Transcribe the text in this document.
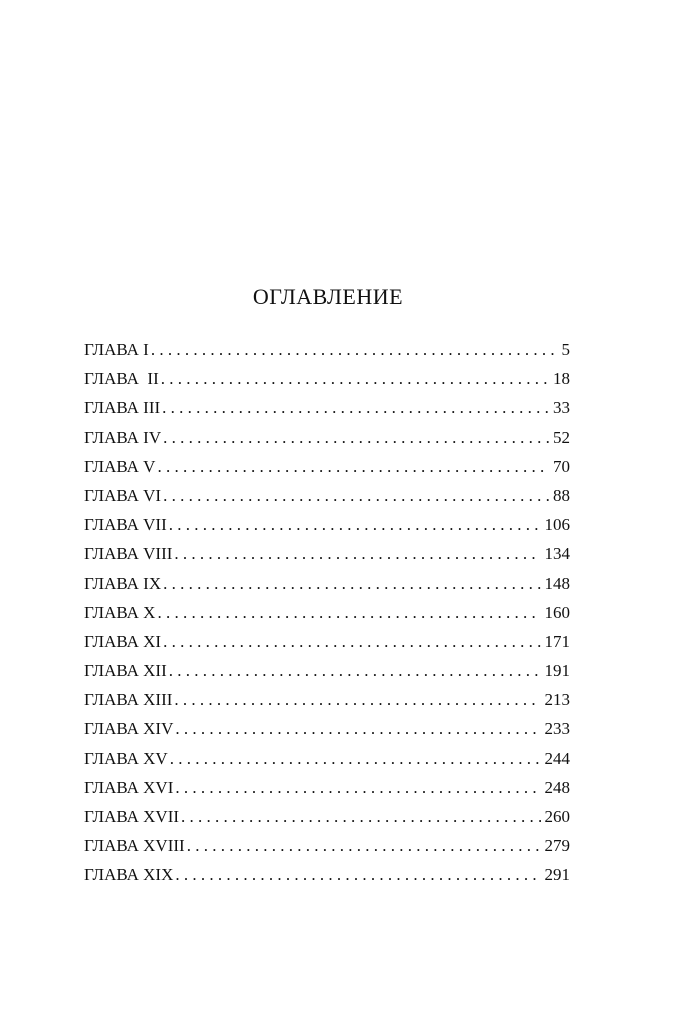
ОГЛАВЛЕНИЕ
ГЛАВА I . . .	5
ГЛАВА  II . . .	18
ГЛАВА III . . .	33
ГЛАВА IV . . .	52
ГЛАВА V . . .	70
ГЛАВА VI . . .	88
ГЛАВА VII . . .	106
ГЛАВА VIII . . .	134
ГЛАВА IX . . .	148
ГЛАВА X . . .	160
ГЛАВА XI . . .	171
ГЛАВА XII . . .	191
ГЛАВА XIII . . .	213
ГЛАВА XIV . . .	233
ГЛАВА XV . . .	244
ГЛАВА XVI . . .	248
ГЛАВА XVII . . .	260
ГЛАВА XVIII . . .	279
ГЛАВА XIX . . .	291
